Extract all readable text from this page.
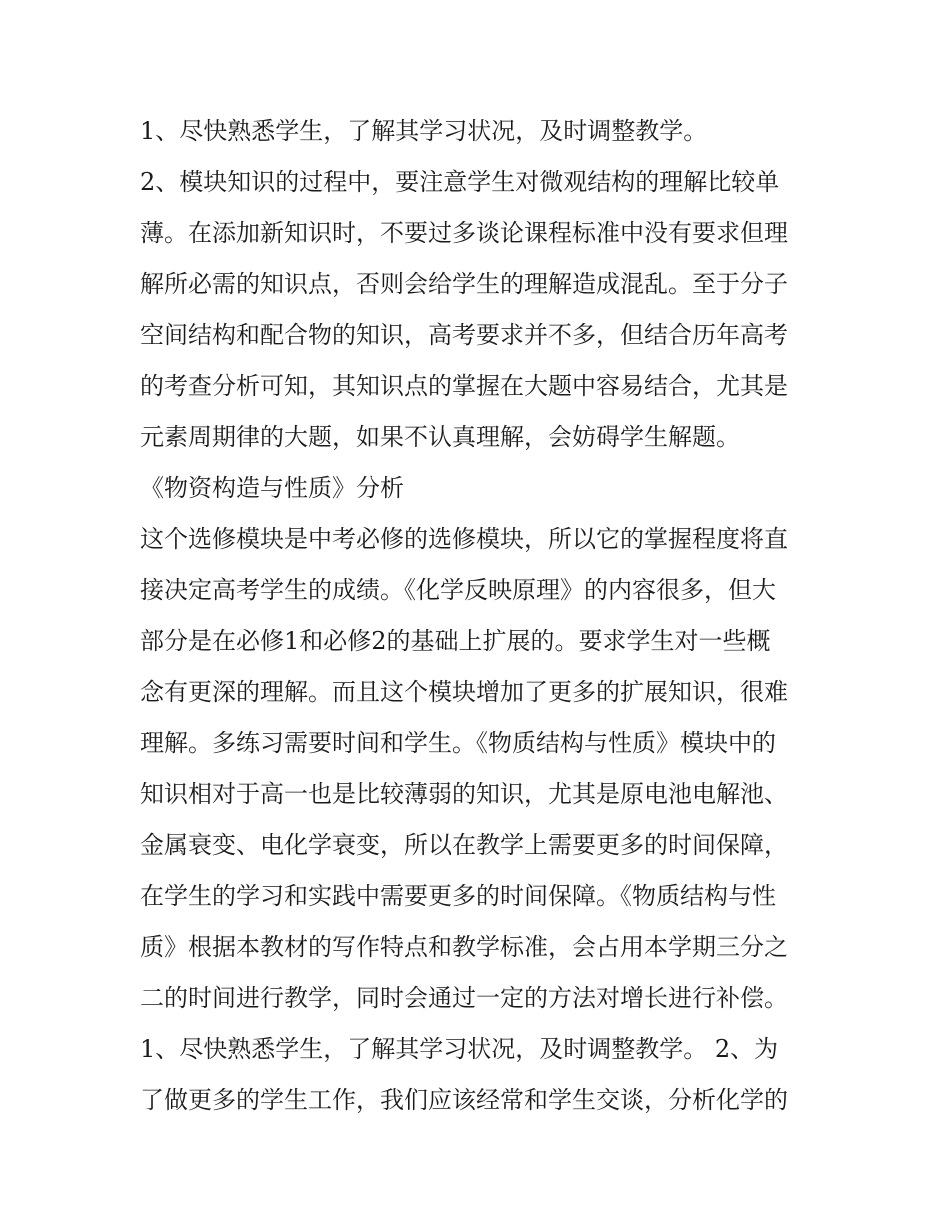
1、尽快熟悉学生，了解其学习状况，及时调整教学。

2、模块知识的过程中，要注意学生对微观结构的理解比较单

薄。在添加新知识时，不要过多谈论课程标准中没有要求但理

解所必需的知识点，否则会给学生的理解造成混乱。至于分子

空间结构和配合物的知识，高考要求并不多，但结合历年高考

的考查分析可知，其知识点的掌握在大题中容易结合，尤其是

元素周期律的大题，如果不认真理解，会妨碍学生解题。

《物资构造与性质》分析

这个选修模块是中考必修的选修模块，所以它的掌握程度将直

接决定高考学生的成绩。《化学反映原理》的内容很多，但大

部分是在必修1和必修2的基础上扩展的。要求学生对一些概

念有更深的理解。而且这个模块增加了更多的扩展知识，很难

理解。多练习需要时间和学生。《物质结构与性质》模块中的

知识相对于高一也是比较薄弱的知识，尤其是原电池电解池、

金属衰变、电化学衰变，所以在教学上需要更多的时间保障，

在学生的学习和实践中需要更多的时间保障。《物质结构与性

质》根据本教材的写作特点和教学标准，会占用本学期三分之

二的时间进行教学，同时会通过一定的方法对增长进行补偿。

1、尽快熟悉学生，了解其学习状况，及时调整教学。 2、为

了做更多的学生工作，我们应该经常和学生交谈，分析化学的
